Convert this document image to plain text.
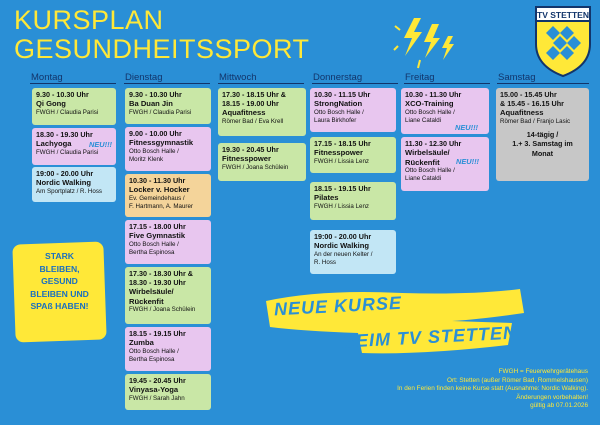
KURSPLAN
GESUNDHEITSSPORT
TV STETTEN
Montag	Dienstag	Mittwoch	Donnerstag	Freitag	Samstag
9.30 - 10.30 Uhr
Qi Gong
FWGH / Claudia Parisi
18.30 - 19.30 Uhr
Lachyoga
FWGH / Claudia Parisi
NEU!!!
19:00 - 20.00 Uhr
Nordic Walking
Am Sportplatz / R. Hoss
9.30 - 10.30 Uhr
Ba Duan Jin
FWGH / Claudia Parisi
9.00 - 10.00 Uhr
Fitnessgymnastik
Otto Bosch Halle /
Moritz Klenk
10.30 - 11.30 Uhr
Locker v. Hocker
Ev. Gemeindehaus /
F. Hartmann, A. Maurer
17.15 - 18.00 Uhr
Five Gymnastik
Otto Bosch Halle /
Bertha Espinosa
17.30 - 18.30 Uhr &
18.30 - 19.30 Uhr
Wirbelsäule/
Rückenfit
FWGH / Joana Schülein
18.15 - 19.15 Uhr
Zumba
Otto Bosch Halle /
Bertha Espinosa
19.45 - 20.45 Uhr
Vinyasa-Yoga
FWGH / Sarah Jahn
17.30 - 18.15 Uhr &
18.15 - 19.00 Uhr
Aquafitness
Römer Bad / Eva Krell
19.30 - 20.45 Uhr
Fitnesspower
FWGH / Joana Schülein
10.30 - 11.15 Uhr
StrongNation
Otto Bosch Halle /
Laura Birkhofer
17.15 - 18.15 Uhr
Fitnesspower
FWGH / Lissia Lenz
18.15 - 19.15 Uhr
Pilates
FWGH / Lissia Lenz
19:00 - 20.00 Uhr
Nordic Walking
An der neuen Kelter /
R. Hoss
10.30 - 11.30 Uhr
XCO-Training
Otto Bosch Halle /
Liane Cataldi
NEU!!!
11.30 - 12.30 Uhr
Wirbelsäule/
Rückenfit
Otto Bosch Halle /
Liane Cataldi
NEU!!!
15.00 - 15.45 Uhr
& 15.45 - 16.15 Uhr
Aquafitness
Römer Bad / Franjo Lasic
14-tägig /
1.+ 3. Samstag im
Monat
STARK
BLEIBEN,
GESUND
BLEIBEN UND
SPAß HABEN!	NEUE KURSE
BEIM TV STETTEN
FWGH = Feuerwehrgerätehaus
Ort: Stetten (außer Römer Bad, Rommelshausen)
In den Ferien finden keine Kurse statt (Ausnahme: Nordic Walking).
Änderungen vorbehalten!
gültig ab 07.01.2026
